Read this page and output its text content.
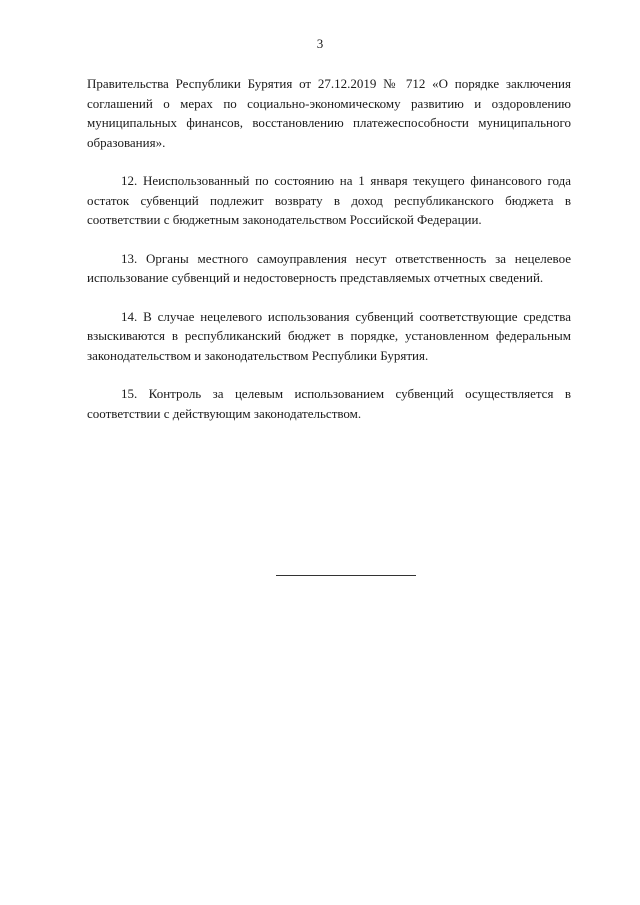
3

Правительства Республики Бурятия от 27.12.2019 № 712 «О порядке заключения соглашений о мерах по социально-экономическому развитию и оздоровлению муниципальных финансов, восстановлению платежеспособности муниципального образования».

12. Неиспользованный по состоянию на 1 января текущего финансового года остаток субвенций подлежит возврату в доход республиканского бюджета в соответствии с бюджетным законодательством Российской Федерации.

13. Органы местного самоуправления несут ответственность за нецелевое использование субвенций и недостоверность представляемых отчетных сведений.

14. В случае нецелевого использования субвенций соответствующие средства взыскиваются в республиканский бюджет в порядке, установленном федеральным законодательством и законодательством Республики Бурятия.

15. Контроль за целевым использованием субвенций осуществляется в соответствии с действующим законодательством.
